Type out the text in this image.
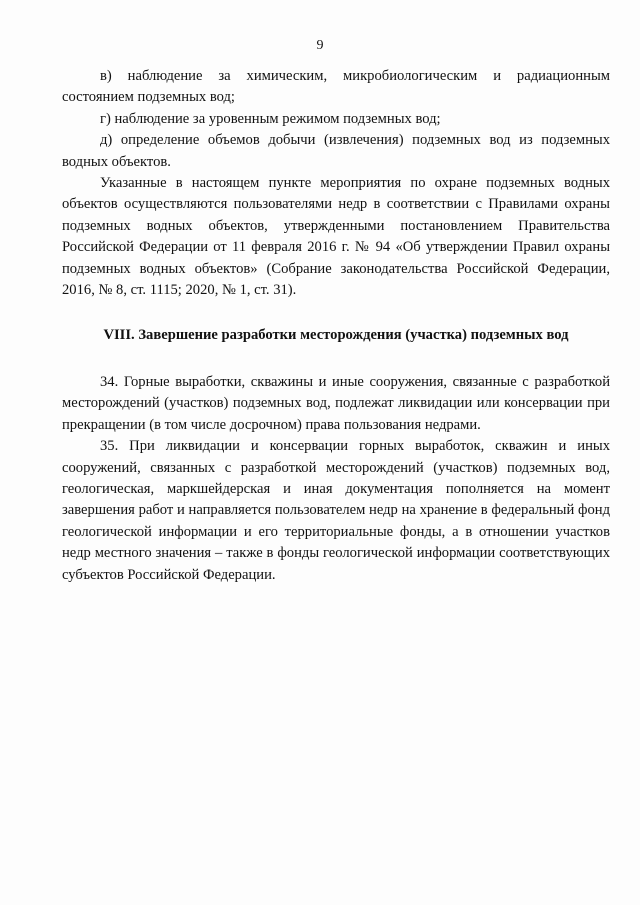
9

в) наблюдение за химическим, микробиологическим и радиационным состоянием подземных вод;

г) наблюдение за уровенным режимом подземных вод;

д) определение объемов добычи (извлечения) подземных вод из подземных водных объектов.

Указанные в настоящем пункте мероприятия по охране подземных водных объектов осуществляются пользователями недр в соответствии с Правилами охраны подземных водных объектов, утвержденными постановлением Правительства Российской Федерации от 11 февраля 2016 г. № 94 «Об утверждении Правил охраны подземных водных объектов» (Собрание законодательства Российской Федерации, 2016, № 8, ст. 1115; 2020, № 1, ст. 31).

VIII. Завершение разработки месторождения (участка) подземных вод

34. Горные выработки, скважины и иные сооружения, связанные с разработкой месторождений (участков) подземных вод, подлежат ликвидации или консервации при прекращении (в том числе досрочном) права пользования недрами.

35. При ликвидации и консервации горных выработок, скважин и иных сооружений, связанных с разработкой месторождений (участков) подземных вод, геологическая, маркшейдерская и иная документация пополняется на момент завершения работ и направляется пользователем недр на хранение в федеральный фонд геологической информации и его территориальные фонды, а в отношении участков недр местного значения – также в фонды геологической информации соответствующих субъектов Российской Федерации.
